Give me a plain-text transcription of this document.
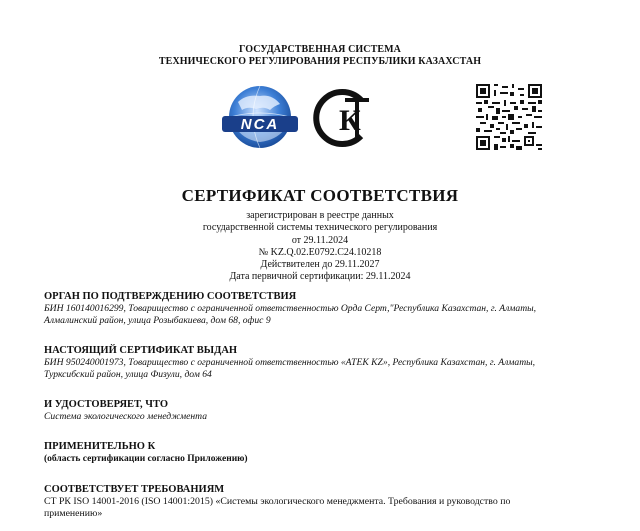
ГОСУДАРСТВЕННАЯ СИСТЕМА
ТЕХНИЧЕСКОГО РЕГУЛИРОВАНИЯ РЕСПУБЛИКИ КАЗАХСТАН
NCA К
СЕРТИФИКАТ СООТВЕТСТВИЯ
зарегистрирован в реестре данных
государственной системы технического регулирования
от 29.11.2024
№ KZ.Q.02.E0792.C24.10218
Действителен до 29.11.2027
Дата первичной сертификации: 29.11.2024
ОРГАН ПО ПОДТВЕРЖДЕНИЮ СООТВЕТСТВИЯ
БИН 160140016299, Товарищество с ограниченной ответственностью Орда Серт,"Республика Казахстан, г. Алматы,
Алмалинский район, улица Розыбакиева, дом 68, офис 9
НАСТОЯЩИЙ СЕРТИФИКАТ ВЫДАН
БИН 950240001973, Товарищество с ограниченной ответственностью «ATEK KZ», Республика Казахстан, г. Алматы,
Турксибский район, улица Физули, дом 64
И УДОСТОВЕРЯЕТ, ЧТО
Система экологического менеджмента
ПРИМЕНИТЕЛЬНО К
(область сертификации согласно Приложению)
СООТВЕТСТВУЕТ ТРЕБОВАНИЯМ
СТ РК ISO 14001-2016 (ISO 14001:2015) «Системы экологического менеджмента. Требования и руководство по
применению»
